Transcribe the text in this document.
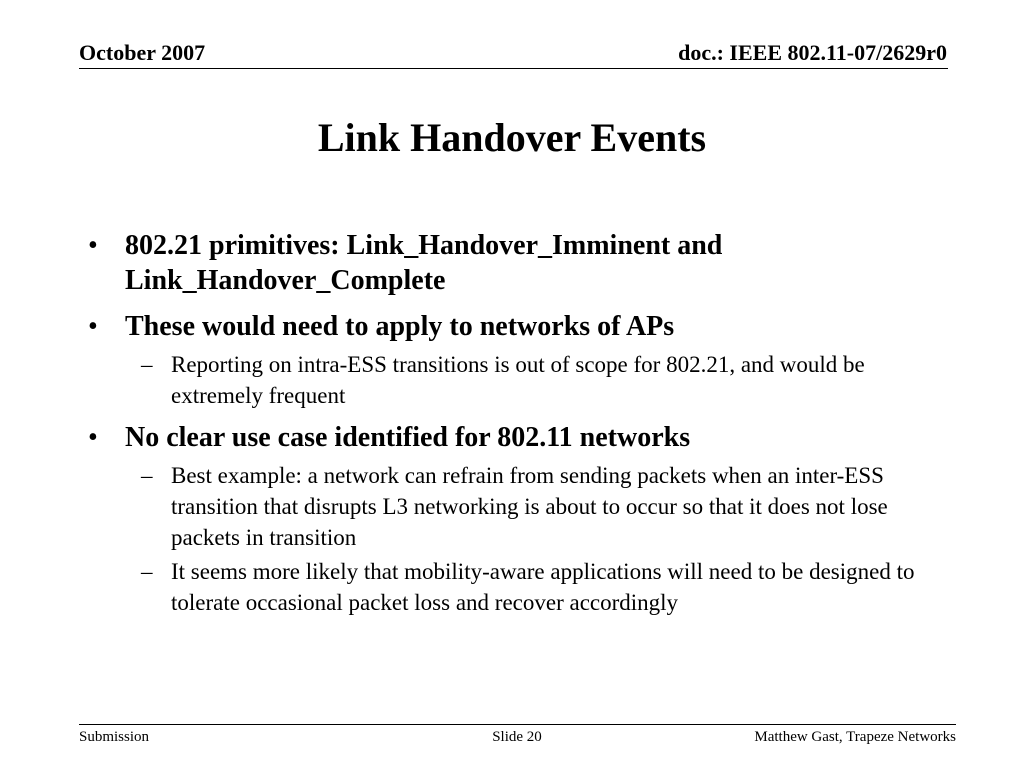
October 2007	doc.: IEEE 802.11-07/2629r0
Link Handover Events
• 802.21 primitives: Link_Handover_Imminent and Link_Handover_Complete
• These would need to apply to networks of APs
– Reporting on intra-ESS transitions is out of scope for 802.21, and would be extremely frequent
• No clear use case identified for 802.11 networks
– Best example: a network can refrain from sending packets when an inter-ESS transition that disrupts L3 networking is about to occur so that it does not lose packets in transition
– It seems more likely that mobility-aware applications will need to be designed to tolerate occasional packet loss and recover accordingly
Submission	Slide 20	Matthew Gast, Trapeze Networks
